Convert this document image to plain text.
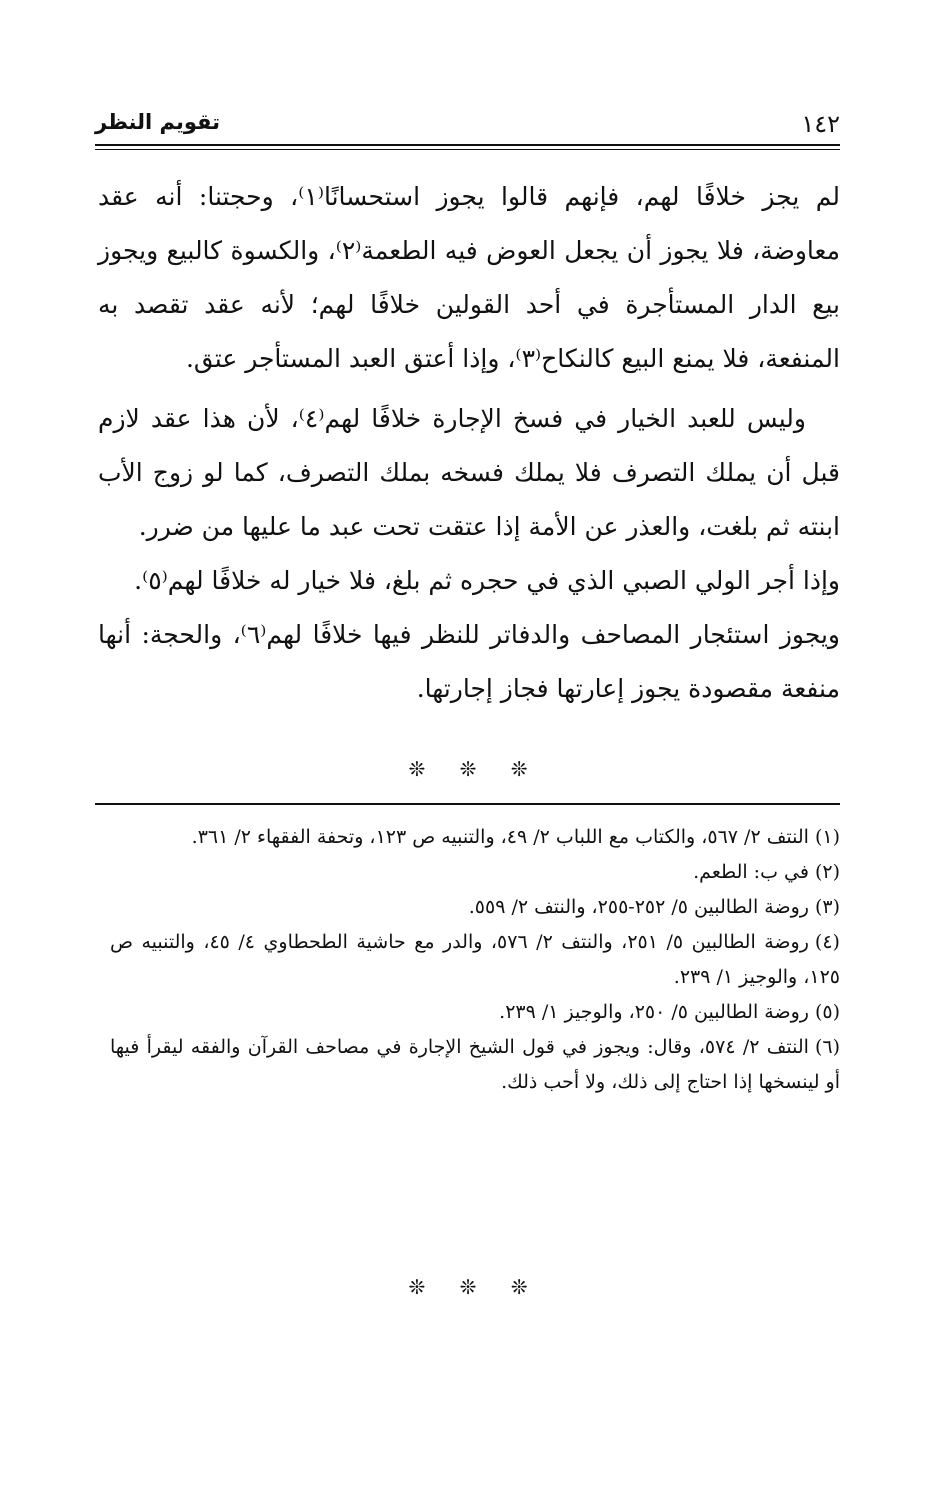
١٤٢
تقويم النظر

لم يجز خلافًا لهم، فإنهم قالوا يجوز استحسانًا⁽١⁾، وحجتنا: أنه عقد معاوضة، فلا يجوز أن يجعل العوض فيه الطعمة⁽٢⁾، والكسوة كالبيع ويجوز بيع الدار المستأجرة في أحد القولين خلافًا لهم؛ لأنه عقد تقصد به المنفعة، فلا يمنع البيع كالنكاح⁽٣⁾، وإذا أعتق العبد المستأجر عتق.

وليس للعبد الخيار في فسخ الإجارة خلافًا لهم⁽٤⁾، لأن هذا عقد لازم قبل أن يملك التصرف فلا يملك فسخه بملك التصرف، كما لو زوج الأب ابنته ثم بلغت، والعذر عن الأمة إذا عتقت تحت عبد ما عليها من ضرر.

وإذا أجر الولي الصبي الذي في حجره ثم بلغ، فلا خيار له خلافًا لهم⁽٥⁾.

ويجوز استئجار المصاحف والدفاتر للنظر فيها خلافًا لهم⁽٦⁾، والحجة: أنها منفعة مقصودة يجوز إعارتها فجاز إجارتها.

❊ ❊ ❊
(١)النتف ٢/ ٥٦٧، والكتاب مع اللباب ٢/ ٤٩، والتنبيه ص ١٢٣، وتحفة الفقهاء ٢/ ٣٦١.
(٢)في ب: الطعم.
(٣)روضة الطالبين ٥/ ٢٥٢-٢٥٥، والنتف ٢/ ٥٥٩.
(٤)روضة الطالبين ٥/ ٢٥١، والنتف ٢/ ٥٧٦، والدر مع حاشية الطحطاوي ٤/ ٤٥، والتنبيه ص ١٢٥، والوجيز ١/ ٢٣٩.
(٥)روضة الطالبين ٥/ ٢٥٠، والوجيز ١/ ٢٣٩.
(٦)النتف ٢/ ٥٧٤، وقال: ويجوز في قول الشيخ الإجارة في مصاحف القرآن والفقه ليقرأ فيها أو لينسخها إذا احتاج إلى ذلك، ولا أحب ذلك.
❊ ❊ ❊
